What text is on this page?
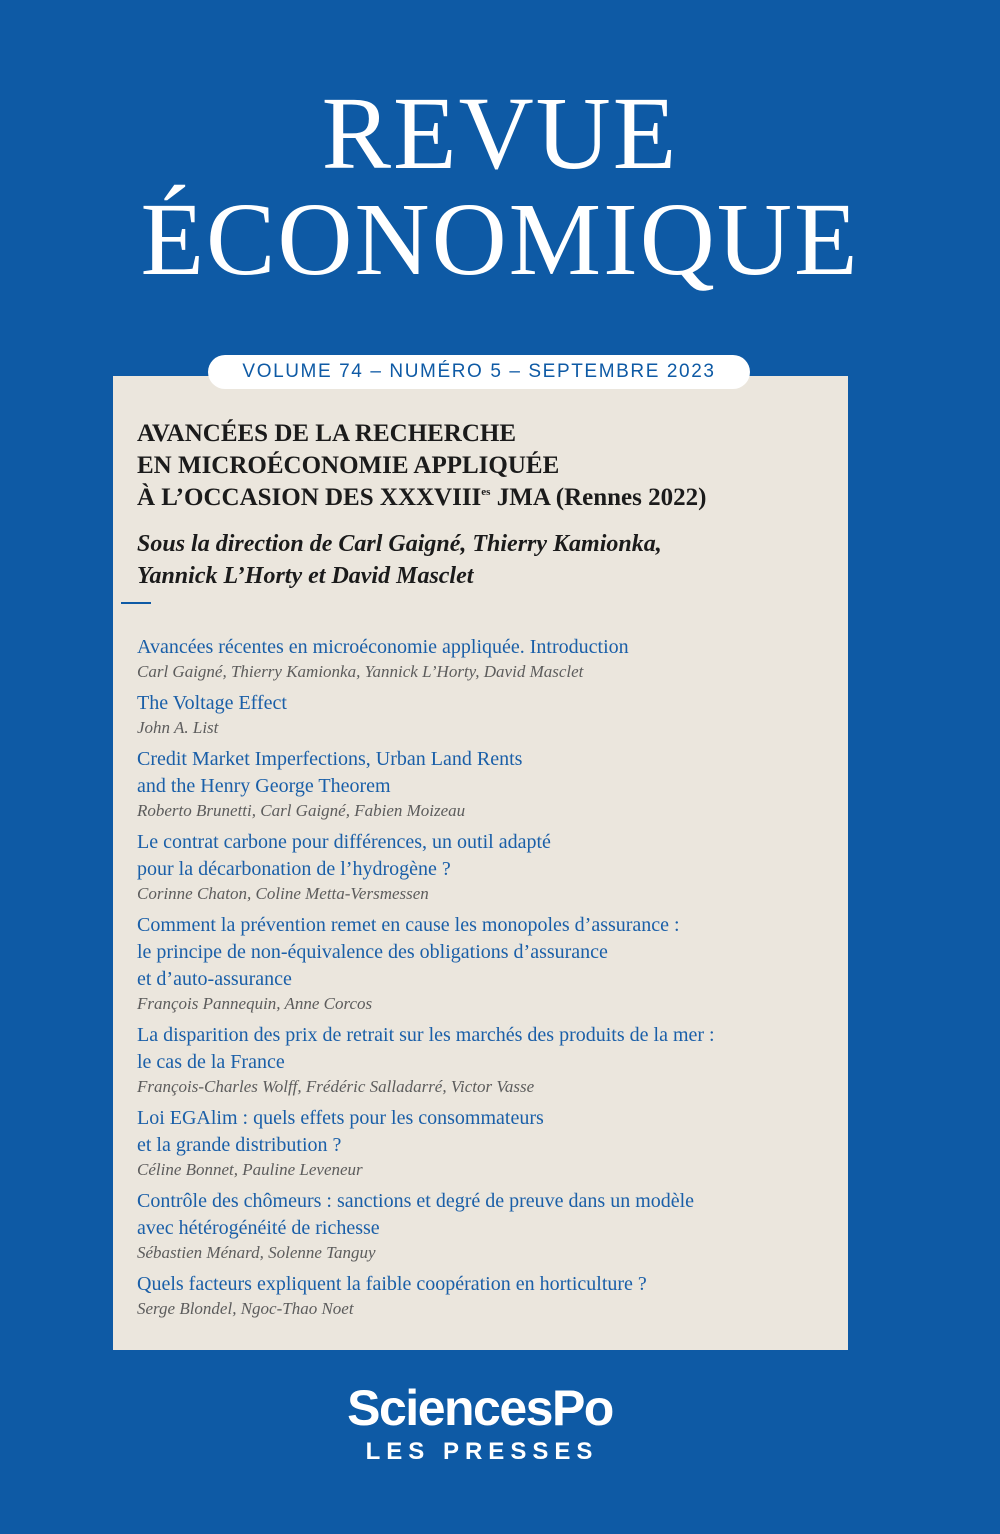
REVUE
ÉCONOMIQUE
VOLUME 74 – NUMÉRO 5 – SEPTEMBRE 2023
AVANCÉES DE LA RECHERCHE
EN MICROÉCONOMIE APPLIQUÉE
À L’OCCASION DES $XXXVIII^{es}$ JMA (Rennes 2022)
Sous la direction de Carl Gaigné, Thierry Kamionka,
Yannick L’Horty et David Masclet
Avancées récentes en microéconomie appliquée. Introduction
Carl Gaigné, Thierry Kamionka, Yannick L’Horty, David Masclet
The Voltage Effect
John A. List
Credit Market Imperfections, Urban Land Rents
and the Henry George Theorem
Roberto Brunetti, Carl Gaigné, Fabien Moizeau
Le contrat carbone pour différences, un outil adapté
pour la décarbonation de l’hydrogène ?
Corinne Chaton, Coline Metta-Versmessen
Comment la prévention remet en cause les monopoles d’assurance :
le principe de non-équivalence des obligations d’assurance
et d’auto-assurance
François Pannequin, Anne Corcos
La disparition des prix de retrait sur les marchés des produits de la mer :
le cas de la France
François-Charles Wolff, Frédéric Salladarré, Victor Vasse
Loi EGAlim : quels effets pour les consommateurs
et la grande distribution ?
Céline Bonnet, Pauline Leveneur
Contrôle des chômeurs : sanctions et degré de preuve dans un modèle
avec hétérogénéité de richesse
Sébastien Ménard, Solenne Tanguy
Quels facteurs expliquent la faible coopération en horticulture ?
Serge Blondel, Ngoc-Thao Noet
SciencesPo
LES PRESSES
